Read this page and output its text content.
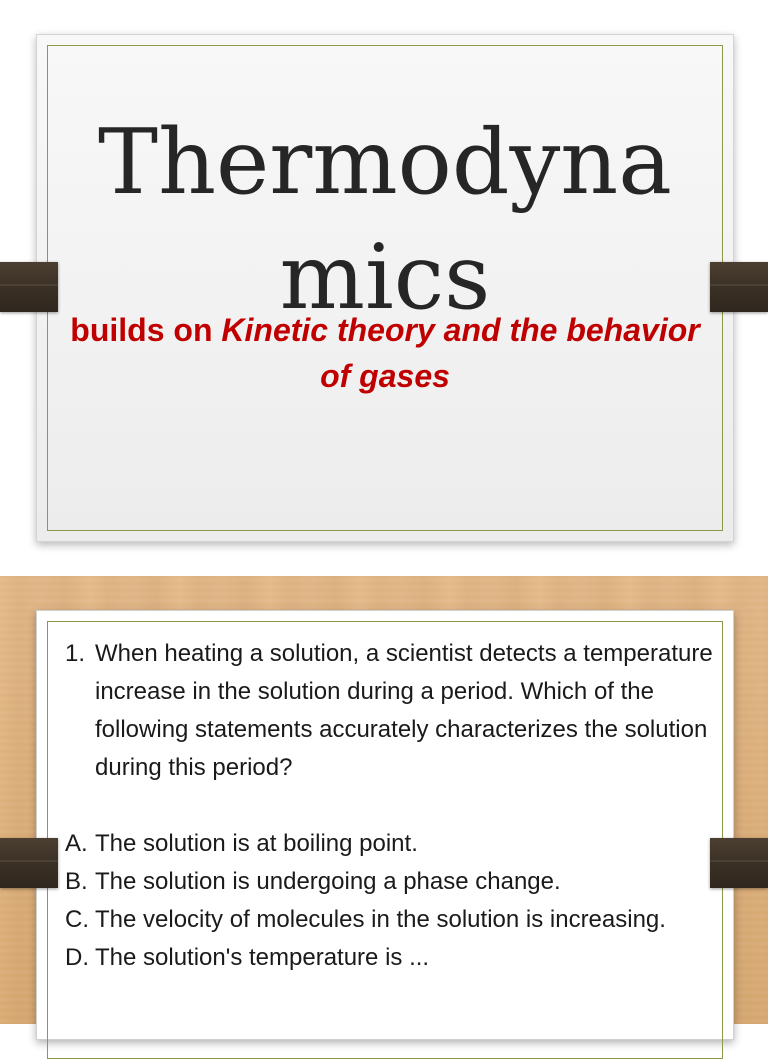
Thermodyna mics
builds on Kinetic theory and the behavior of gases
1. When heating a solution, a scientist detects a temperature increase in the solution during a period. Which of the following statements accurately characterizes the solution during this period?
A. The solution is at boiling point.
B. The solution is undergoing a phase change.
C. The velocity of molecules in the solution is increasing.
D. The solution's temperature is ...
